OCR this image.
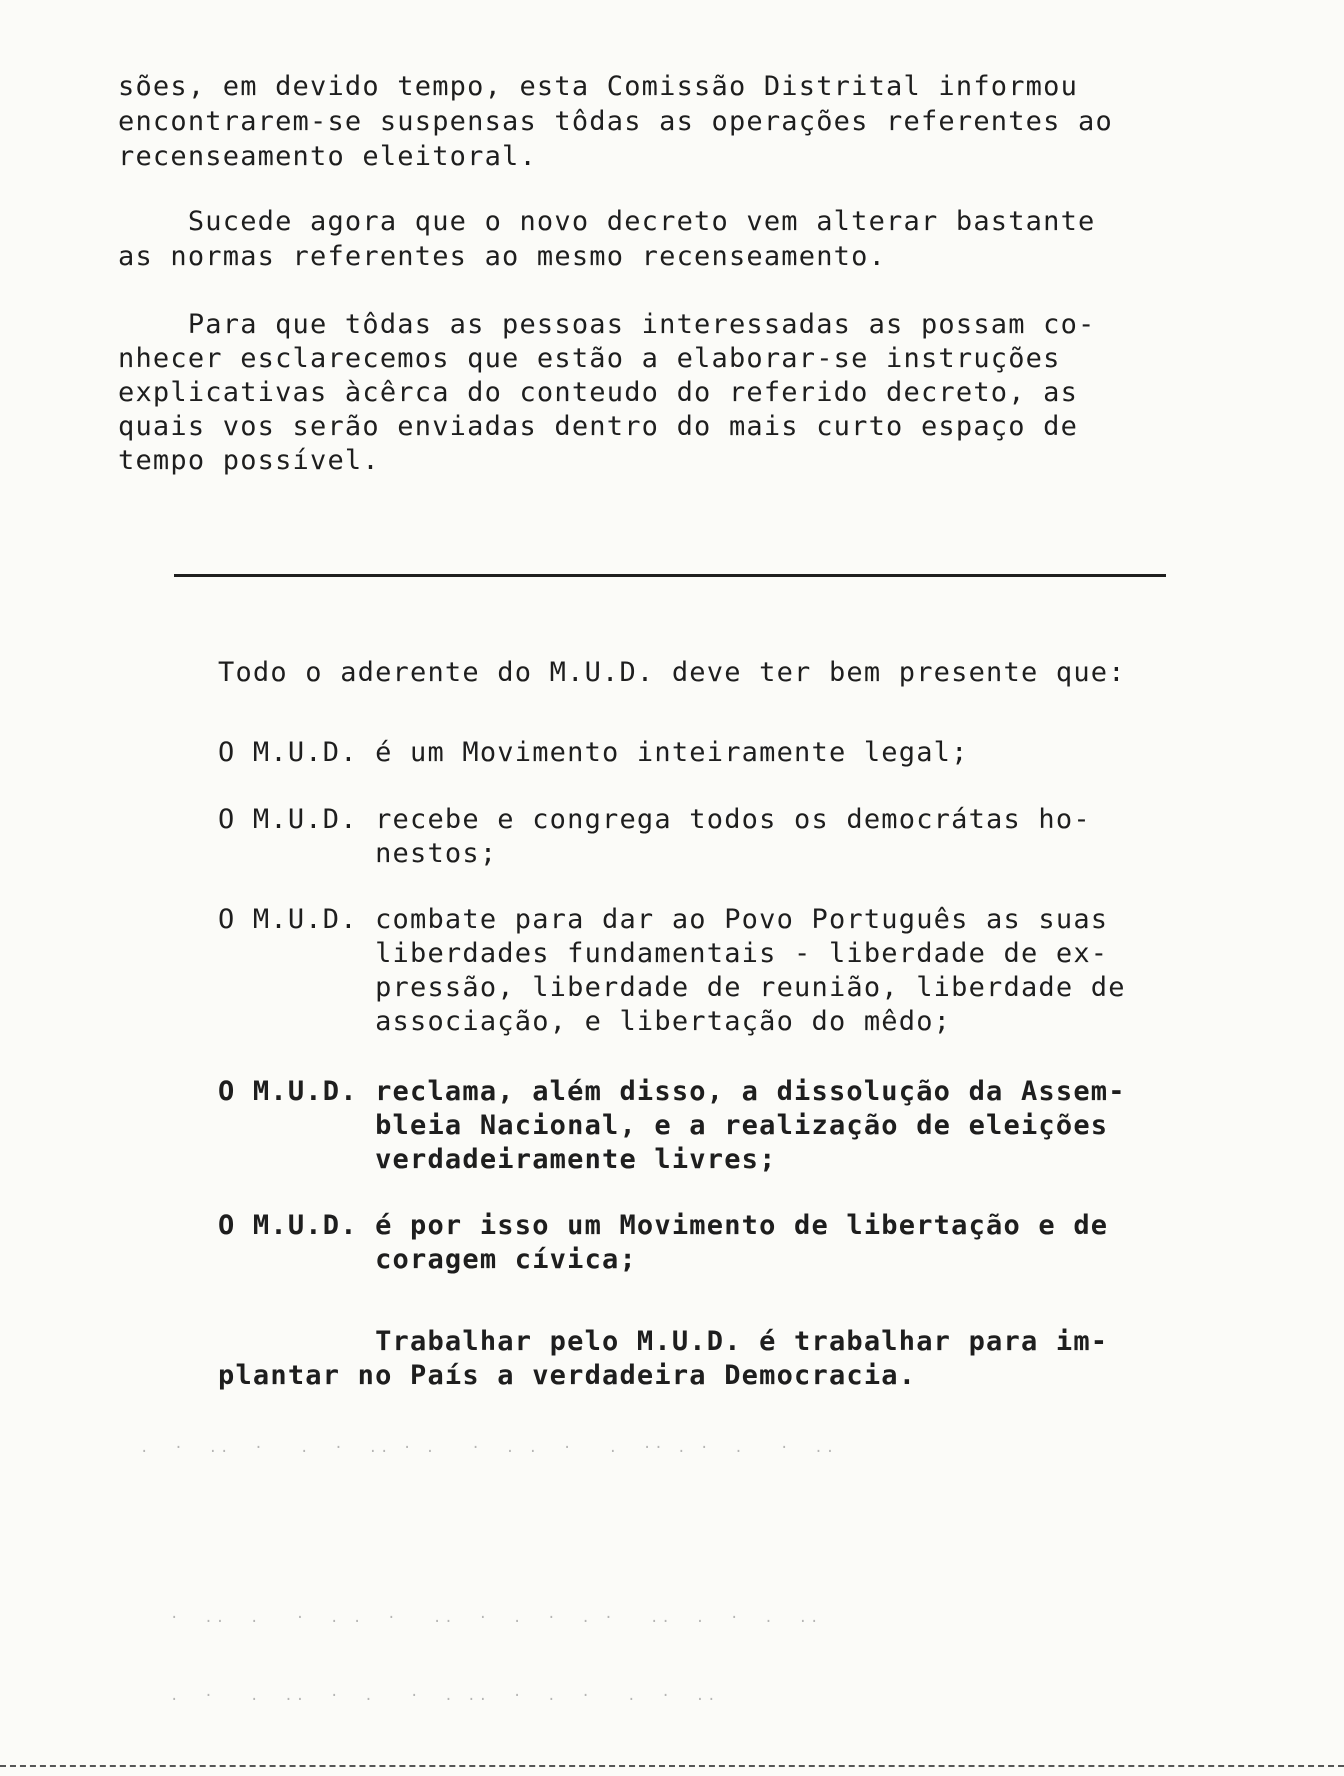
sões, em devido tempo, esta Comissão Distrital informou
encontrarem-se suspensas tôdas as operações referentes ao
recenseamento eleitoral.
Sucede agora que o novo decreto vem alterar bastante
as normas referentes ao mesmo recenseamento.
Para que tôdas as pessoas interessadas as possam co-
nhecer esclarecemos que estão a elaborar-se instruções
explicativas àcêrca do conteudo do referido decreto, as
quais vos serão enviadas dentro do mais curto espaço de
tempo possível.
Todo o aderente do M.U.D. deve ter bem presente que:
O M.U.D. é um Movimento inteiramente legal;
O M.U.D. recebe e congrega todos os democrátas ho-
nestos;
O M.U.D. combate para dar ao Povo Português as suas
liberdades fundamentais - liberdade de ex-
pressão, liberdade de reunião, liberdade de
associação, e libertação do mêdo;
O M.U.D. reclama, além disso, a dissolução da Assem-
bleia Nacional, e a realização de eleições
verdadeiramente livres;
O M.U.D. é por isso um Movimento de libertação e de
coragem cívica;
Trabalhar pelo M.U.D. é trabalhar para im-
plantar no País a verdadeira Democracia.
.  ·  ..  ·   .  ·  .. · .   ·  . .  ·   .  ·· . ·  .   ·  ..
·  ..  .   ·  . .  ·   ..  ·  .  ·  . ·   ..  .  ·  .  ..
.  ·   .  ..  ·  .   ·  . ..  ·  .  ·   .  ·  ..
